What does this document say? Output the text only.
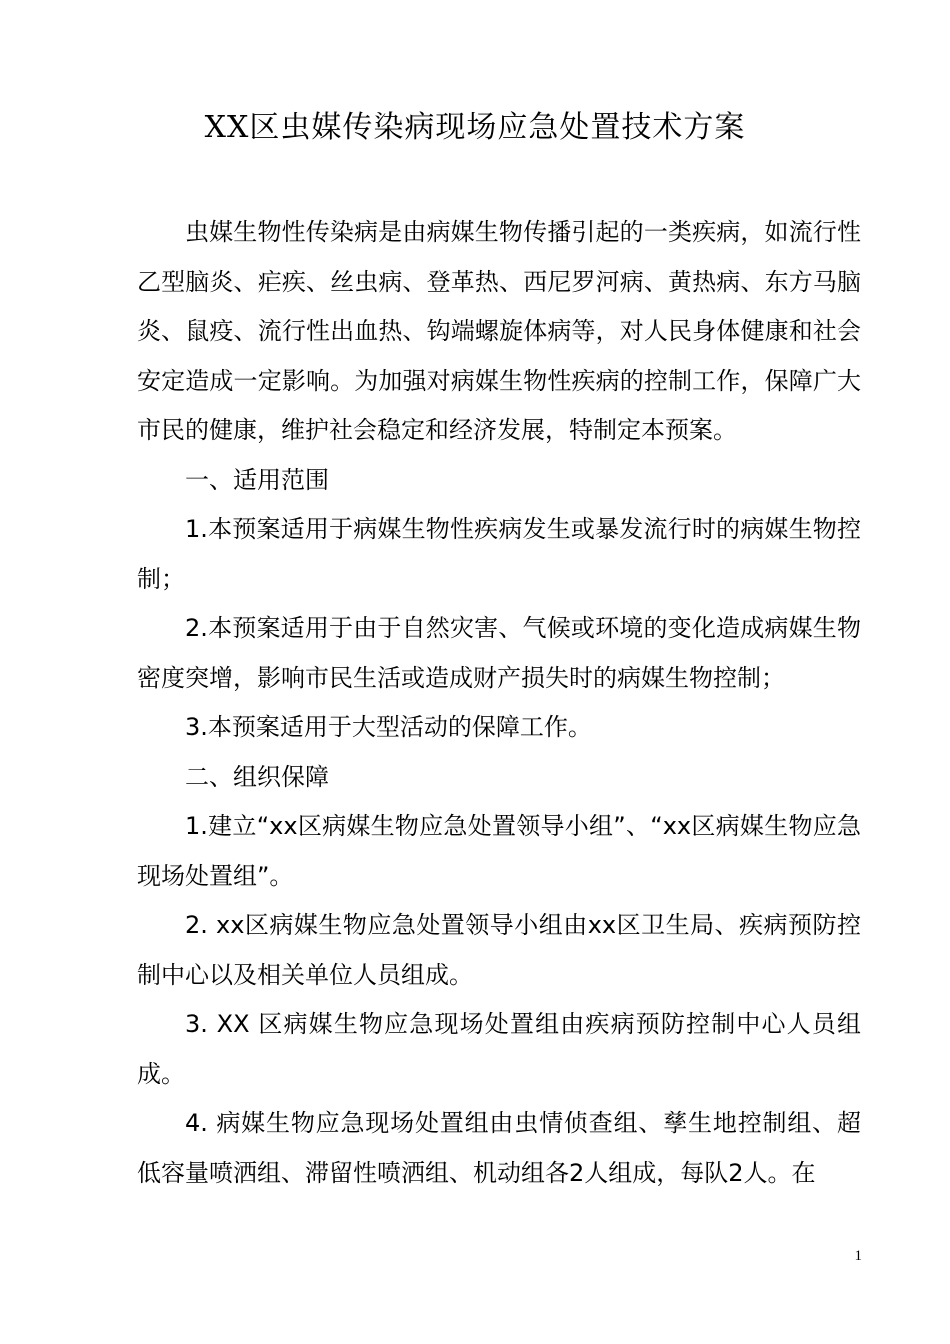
XX区虫媒传染病现场应急处置技术方案

虫媒生物性传染病是由病媒生物传播引起的一类疾病，如流行性乙型脑炎、疟疾、丝虫病、登革热、西尼罗河病、黄热病、东方马脑炎、鼠疫、流行性出血热、钩端螺旋体病等，对人民身体健康和社会安定造成一定影响。为加强对病媒生物性疾病的控制工作，保障广大市民的健康，维护社会稳定和经济发展，特制定本预案。

一、适用范围

1.本预案适用于病媒生物性疾病发生或暴发流行时的病媒生物控制；

2.本预案适用于由于自然灾害、气候或环境的变化造成病媒生物密度突增，影响市民生活或造成财产损失时的病媒生物控制；

3.本预案适用于大型活动的保障工作。

二、组织保障

1.建立“xx区病媒生物应急处置领导小组”、“xx区病媒生物应急现场处置组”。

2. xx区病媒生物应急处置领导小组由xx区卫生局、疾病预防控制中心以及相关单位人员组成。

3. XX 区病媒生物应急现场处置组由疾病预防控制中心人员组成。

4. 病媒生物应急现场处置组由虫情侦查组、孳生地控制组、超低容量喷洒组、滞留性喷洒组、机动组各2人组成，每队2人。在

1
